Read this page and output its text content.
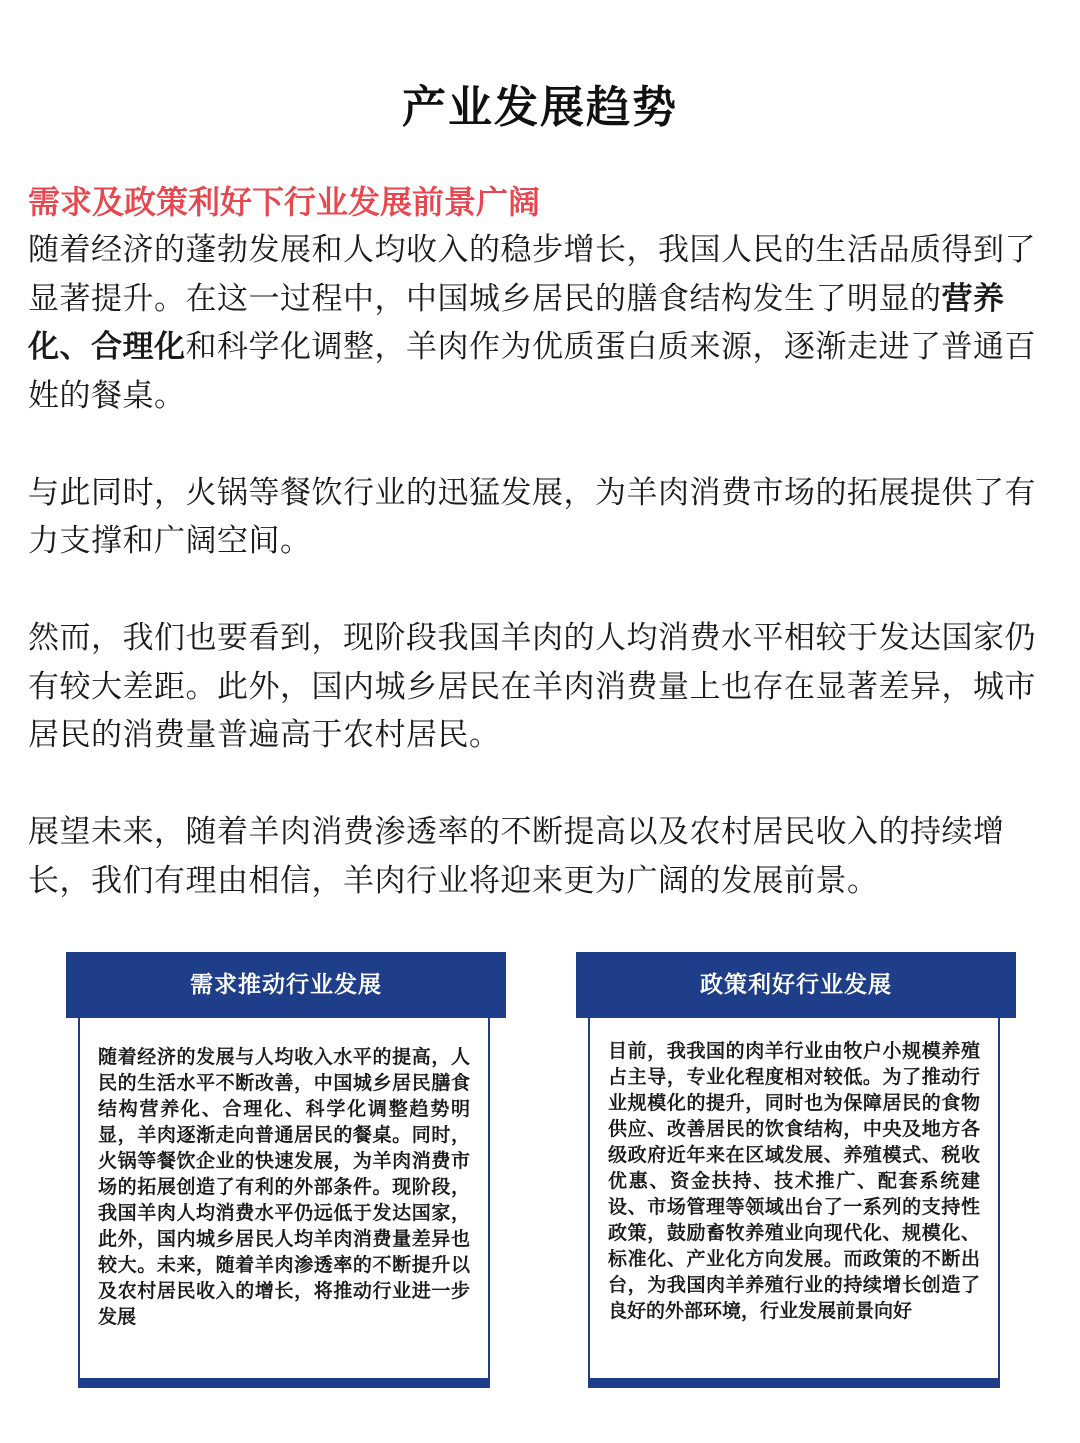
产业发展趋势

需求及政策利好下行业发展前景广阔

随着经济的蓬勃发展和人均收入的稳步增长，我国人民的生活品质得到了显著提升。在这一过程中，中国城乡居民的膳食结构发生了明显的营养化、合理化和科学化调整，羊肉作为优质蛋白质来源，逐渐走进了普通百姓的餐桌。

与此同时，火锅等餐饮行业的迅猛发展，为羊肉消费市场的拓展提供了有力支撑和广阔空间。

然而，我们也要看到，现阶段我国羊肉的人均消费水平相较于发达国家仍有较大差距。此外，国内城乡居民在羊肉消费量上也存在显著差异，城市居民的消费量普遍高于农村居民。

展望未来，随着羊肉消费渗透率的不断提高以及农村居民收入的持续增长，我们有理由相信，羊肉行业将迎来更为广阔的发展前景。

需求推动行业发展
随着经济的发展与人均收入水平的提高，人民的生活水平不断改善，中国城乡居民膳食结构营养化、合理化、科学化调整趋势明显，羊肉逐渐走向普通居民的餐桌。同时，火锅等餐饮企业的快速发展，为羊肉消费市场的拓展创造了有利的外部条件。现阶段，我国羊肉人均消费水平仍远低于发达国家，此外，国内城乡居民人均羊肉消费量差异也较大。未来，随着羊肉渗透率的不断提升以及农村居民收入的增长，将推动行业进一步发展
政策利好行业发展
目前，我我国的肉羊行业由牧户小规模养殖占主导，专业化程度相对较低。为了推动行业规模化的提升，同时也为保障居民的食物供应、改善居民的饮食结构，中央及地方各级政府近年来在区域发展、养殖模式、税收优惠、资金扶持、技术推广、配套系统建设、市场管理等领域出台了一系列的支持性政策，鼓励畜牧养殖业向现代化、规模化、标准化、产业化方向发展。而政策的不断出台，为我国肉羊养殖行业的持续增长创造了良好的外部环境，行业发展前景向好
